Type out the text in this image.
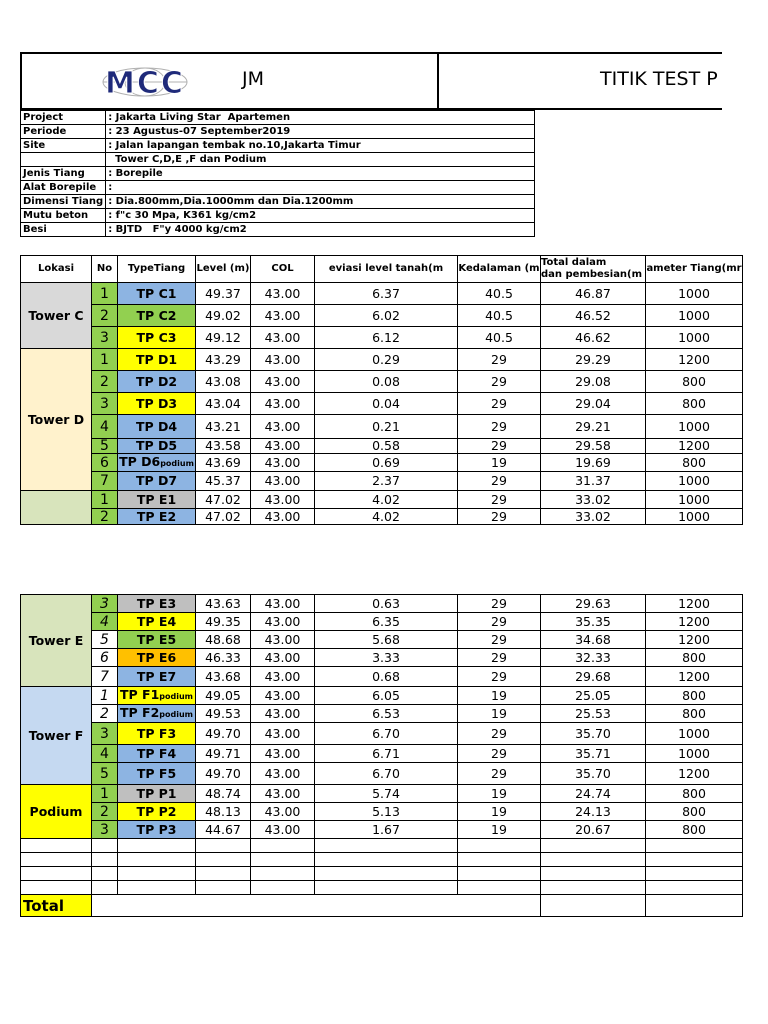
MCC	JM	TITIK TEST P
Project	: Jakarta Living Star  Apartemen
Periode	: 23 Agustus-07 September2019
Site	: Jalan lapangan tembak no.10,Jakarta Timur
	Tower C,D,E ,F dan Podium
Jenis Tiang	: Borepile
Alat Borepile	:
Dimensi Tiang	: Dia.800mm,Dia.1000mm dan Dia.1200mm
Mutu beton	: f"c 30 Mpa, K361 kg/cm2
Besi	: BJTD   F"y 4000 kg/cm2
Lokasi	No	TypeTiang	Level (m)	COL	eviasi level tanah(m	Kedalaman (m	Total dalam
dan pembesian(m	ameter Tiang(mr
Tower C	1	TP C1	49.37	43.00	6.37	40.5	46.87	1000
	2	TP C2	49.02	43.00	6.02	40.5	46.52	1000
	3	TP C3	49.12	43.00	6.12	40.5	46.62	1000
Tower D	1	TP D1	43.29	43.00	0.29	29	29.29	1200
	2	TP D2	43.08	43.00	0.08	29	29.08	800
	3	TP D3	43.04	43.00	0.04	29	29.04	800
	4	TP D4	43.21	43.00	0.21	29	29.21	1000
	5	TP D5	43.58	43.00	0.58	29	29.58	1200
	6	TP D6podium	43.69	43.00	0.69	19	19.69	800
	7	TP D7	45.37	43.00	2.37	29	31.37	1000
	1	TP E1	47.02	43.00	4.02	29	33.02	1000
	2	TP E2	47.02	43.00	4.02	29	33.02	1000
Tower E	3	TP E3	43.63	43.00	0.63	29	29.63	1200
	4	TP E4	49.35	43.00	6.35	29	35.35	1200
	5	TP E5	48.68	43.00	5.68	29	34.68	1200
	6	TP E6	46.33	43.00	3.33	29	32.33	800
	7	TP E7	43.68	43.00	0.68	29	29.68	1200
Tower F	1	TP F1podium	49.05	43.00	6.05	19	25.05	800
	2	TP F2podium	49.53	43.00	6.53	19	25.53	800
	3	TP F3	49.70	43.00	6.70	29	35.70	1000
	4	TP F4	49.71	43.00	6.71	29	35.71	1000
	5	TP F5	49.70	43.00	6.70	29	35.70	1200
Podium	1	TP P1	48.74	43.00	5.74	19	24.74	800
	2	TP P2	48.13	43.00	5.13	19	24.13	800
	3	TP P3	44.67	43.00	1.67	19	20.67	800

Total								
